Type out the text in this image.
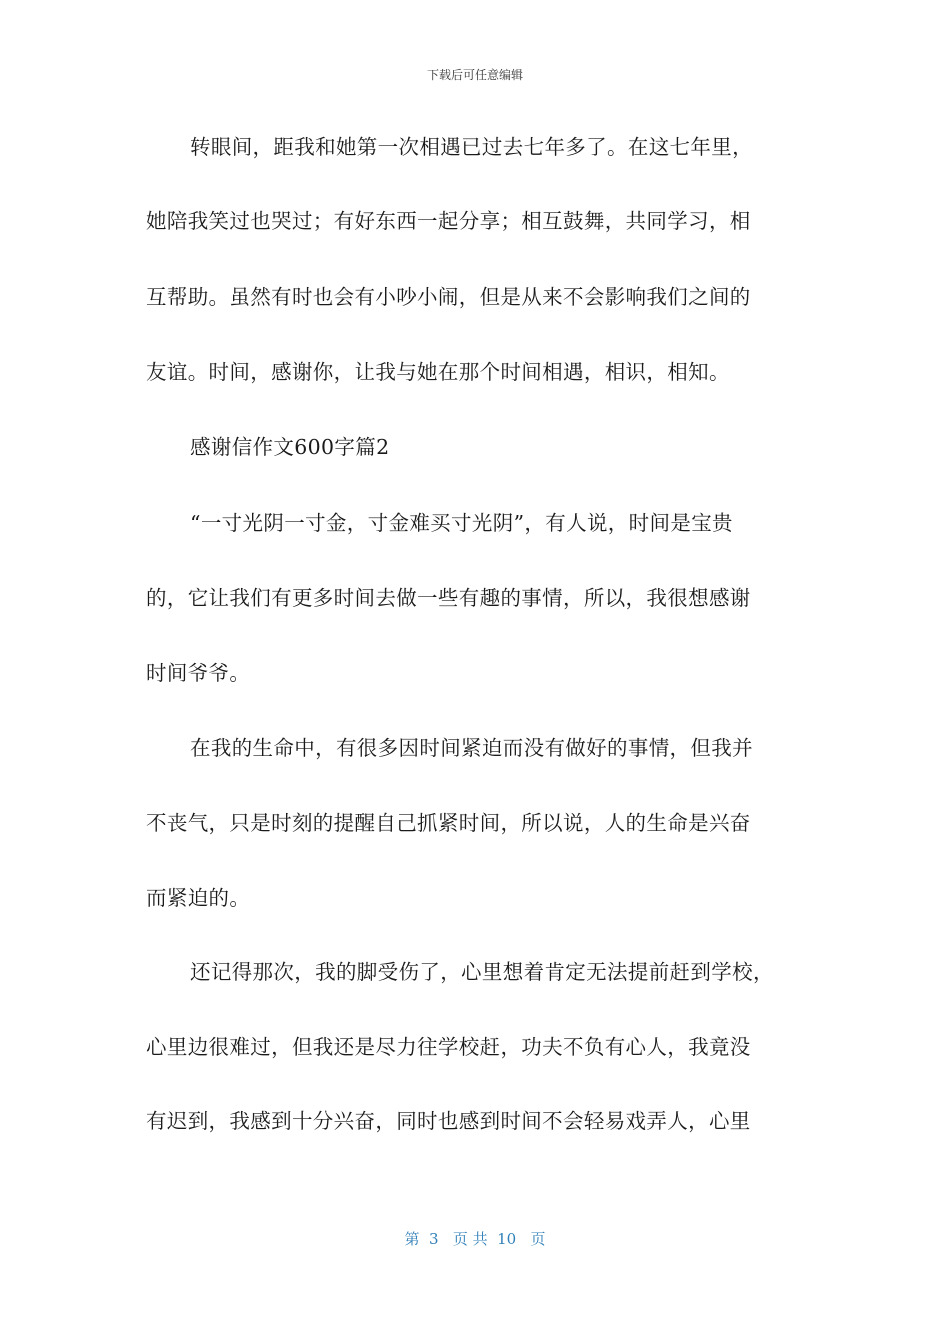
下载后可任意编辑
转眼间，距我和她第一次相遇已过去七年多了。在这七年里，
她陪我笑过也哭过；有好东西一起分享；相互鼓舞，共同学习，相
互帮助。虽然有时也会有小吵小闹，但是从来不会影响我们之间的
友谊。时间，感谢你，让我与她在那个时间相遇，相识，相知。
感谢信作文600字篇2
“一寸光阴一寸金，寸金难买寸光阴”，有人说，时间是宝贵
的，它让我们有更多时间去做一些有趣的事情，所以，我很想感谢
时间爷爷。
在我的生命中，有很多因时间紧迫而没有做好的事情，但我并
不丧气，只是时刻的提醒自己抓紧时间，所以说，人的生命是兴奋
而紧迫的。
还记得那次，我的脚受伤了，心里想着肯定无法提前赶到学校，
心里边很难过，但我还是尽力往学校赶，功夫不负有心人，我竟没
有迟到，我感到十分兴奋，同时也感到时间不会轻易戏弄人，心里
第  3   页 共  10   页
